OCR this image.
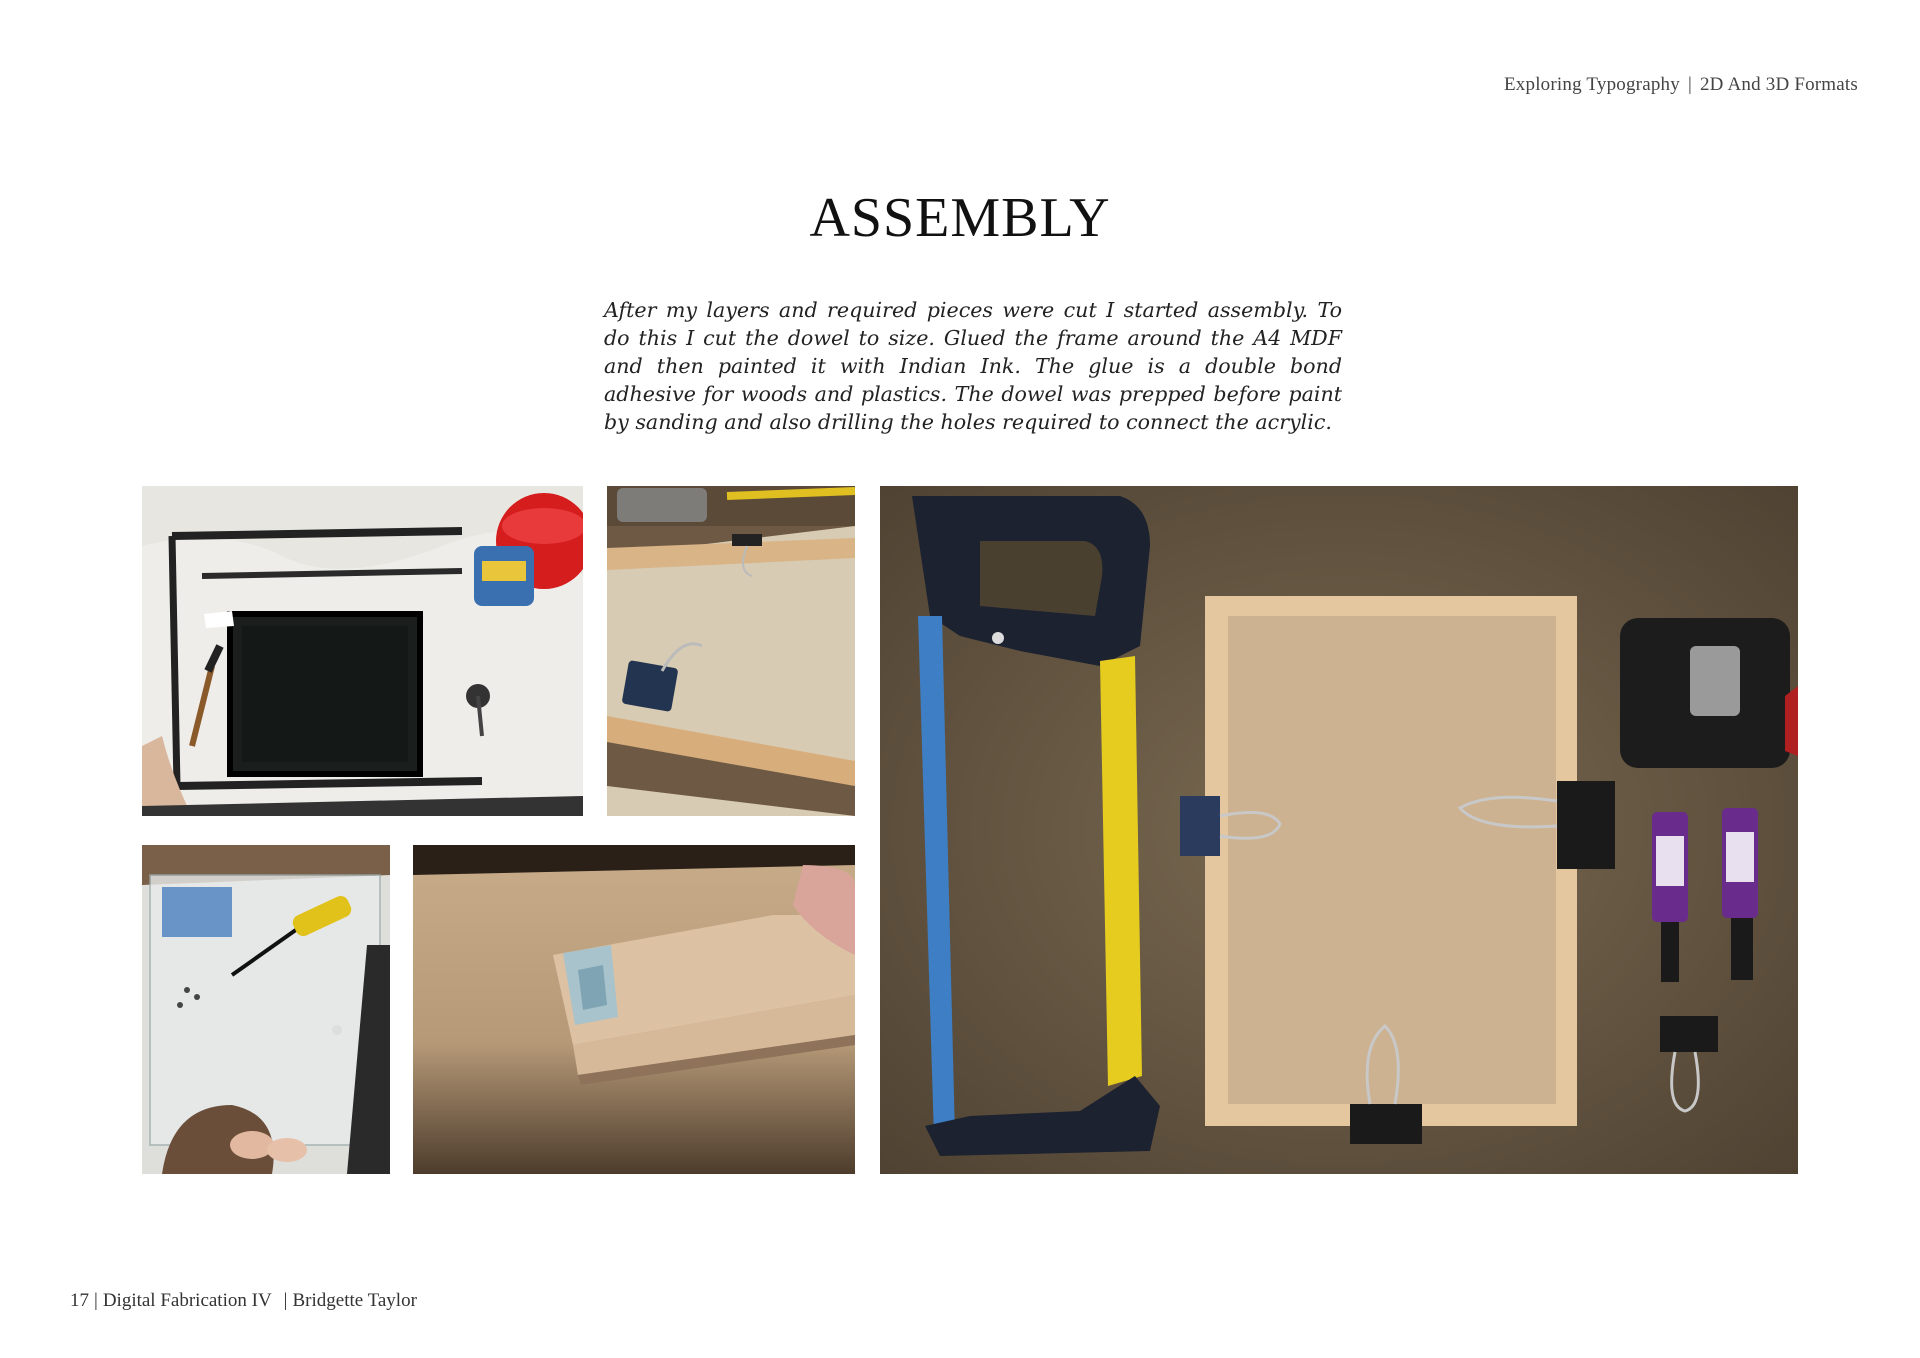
Exploring Typography | 2D And 3D Formats
ASSEMBLY
After my layers and required pieces were cut I started assembly. To do this I cut the dowel to size. Glued the frame around the A4 MDF and then painted it with Indian Ink. The glue is a double bond adhesive for woods and plastics. The dowel was prepped before paint by sanding and also drilling the holes required to connect the acrylic.
17 | Digital Fabrication IV | Bridgette Taylor
